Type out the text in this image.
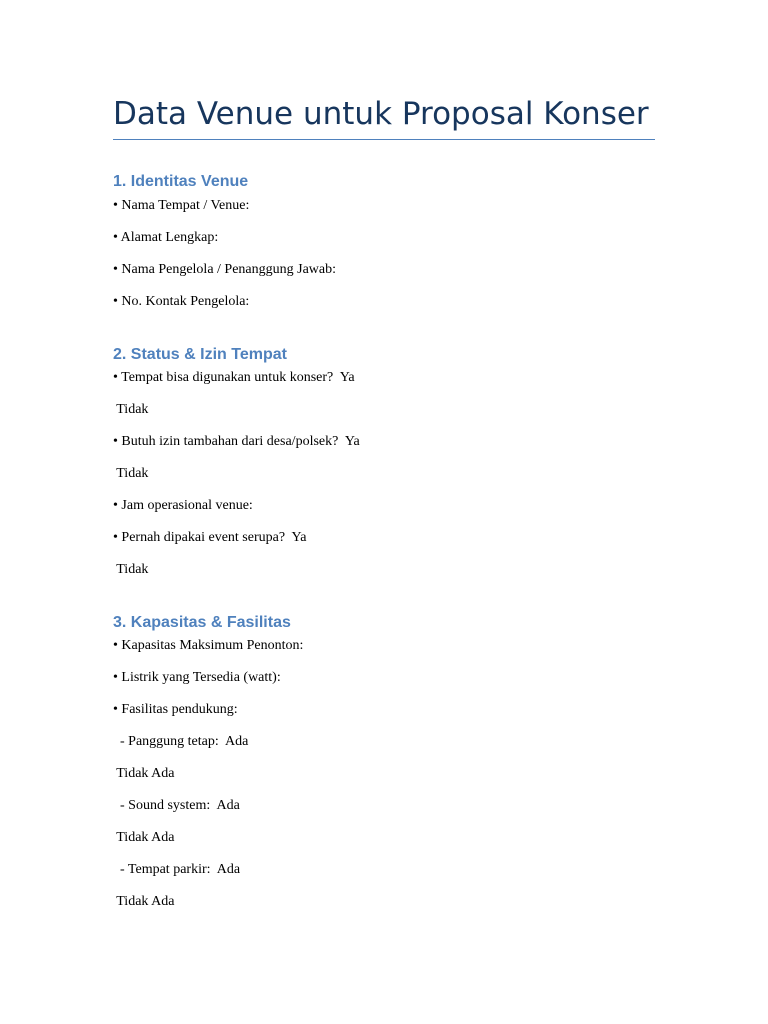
Data Venue untuk Proposal Konser
1. Identitas Venue

• Nama Tempat / Venue:

• Alamat Lengkap:

• Nama Pengelola / Penanggung Jawab:

• No. Kontak Pengelola:

2. Status & Izin Tempat

• Tempat bisa digunakan untuk konser?  Ya

Tidak

• Butuh izin tambahan dari desa/polsek?  Ya

Tidak

• Jam operasional venue:

• Pernah dipakai event serupa?  Ya

Tidak

3. Kapasitas & Fasilitas

• Kapasitas Maksimum Penonton:

• Listrik yang Tersedia (watt):

• Fasilitas pendukung:

- Panggung tetap:  Ada

Tidak Ada

- Sound system:  Ada

Tidak Ada

- Tempat parkir:  Ada

Tidak Ada
